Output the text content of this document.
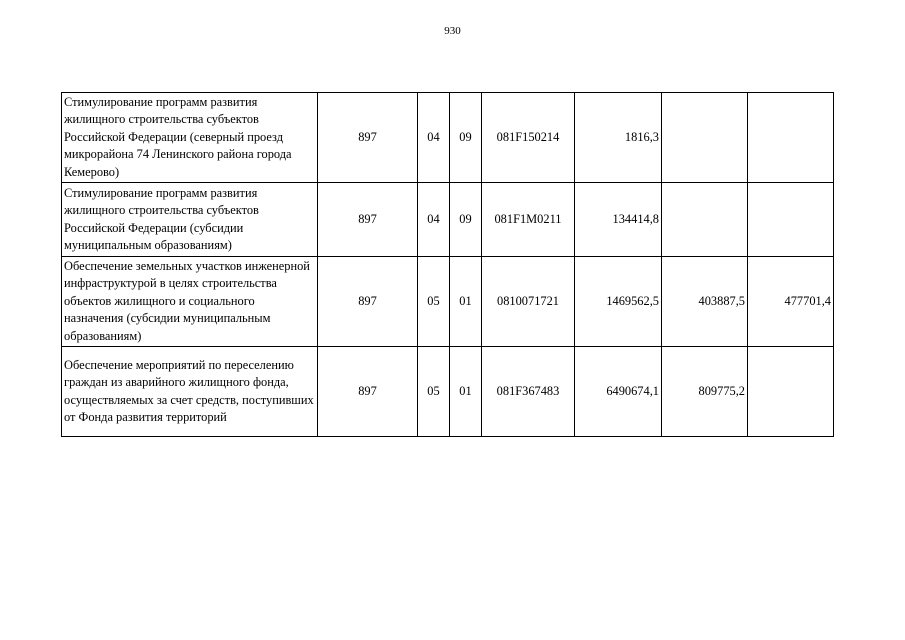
930
Стимулирование программ развития жилищного строительства субъектов Российской Федерации (северный проезд микрорайона 74 Ленинского района города Кемерово)	897	04	09	081F150214	1816,3		
Стимулирование программ развития жилищного строительства субъектов Российской Федерации (субсидии муниципальным образованиям)	897	04	09	081F1M0211	134414,8		
Обеспечение земельных участков инженерной инфраструктурой в целях строительства объектов жилищного и социального назначения (субсидии муниципальным образованиям)	897	05	01	0810071721	1469562,5	403887,5	477701,4
Обеспечение мероприятий по переселению граждан из аварийного жилищного фонда, осуществляемых за счет средств, поступивших от Фонда развития территорий	897	05	01	081F367483	6490674,1	809775,2	
